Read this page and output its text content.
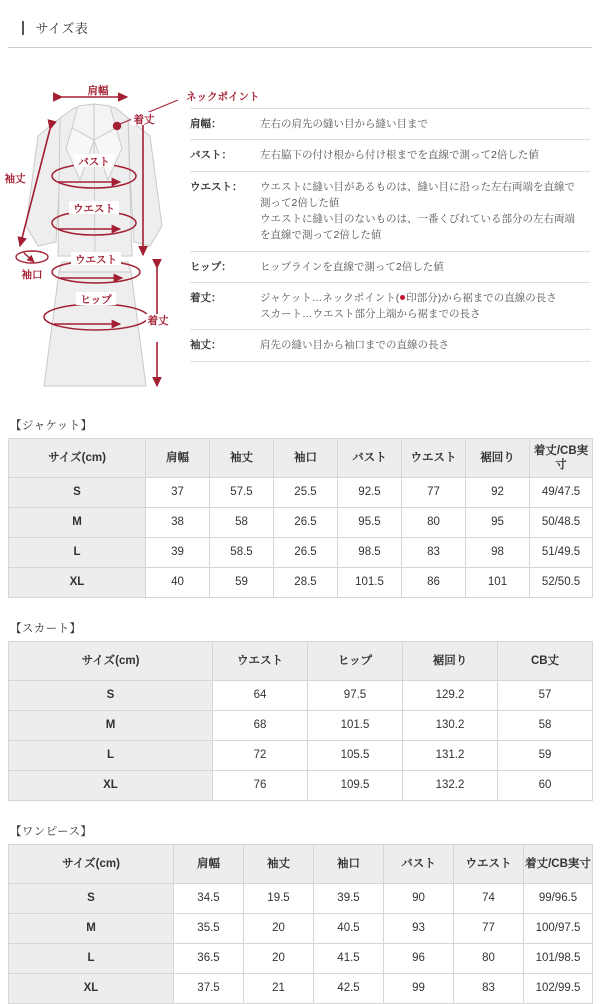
サイズ表
肩幅
着丈
袖丈
バスト
ウエスト
袖口
ウエスト
ヒップ
着丈
ネックポイント
肩幅：	左右の肩先の縫い目から縫い目まで

バスト：	左右脇下の付け根から付け根までを直線で測って2倍した値

ウエスト：	ウエストに縫い目があるものは、縫い目に沿った左右両端を直線で
測って2倍した値
ウエストに縫い目のないものは、一番くびれている部分の左右両端
を直線で測って2倍した値

ヒップ：	ヒップラインを直線で測って2倍した値

着丈：	ジャケット…ネックポイント( 印部分)から裾までの直線の長さ
スカート…ウエスト部分上端から裾までの長さ

袖丈：	肩先の縫い目から袖口までの直線の長さ
【ジャケット】
サイズ(cm)	肩幅	袖丈	袖口	バスト	ウエスト	裾回り	着丈/CB実寸
S	37	57.5	25.5	92.5	77	92	49/47.5
M	38	58	26.5	95.5	80	95	50/48.5
L	39	58.5	26.5	98.5	83	98	51/49.5
XL	40	59	28.5	101.5	86	101	52/50.5
【スカート】
サイズ(cm)	ウエスト	ヒップ	裾回り	CB丈
S	64	97.5	129.2	57
M	68	101.5	130.2	58
L	72	105.5	131.2	59
XL	76	109.5	132.2	60
【ワンピース】
サイズ(cm)	肩幅	袖丈	袖口	バスト	ウエスト	着丈/CB実寸
S	34.5	19.5	39.5	90	74	99/96.5
M	35.5	20	40.5	93	77	100/97.5
L	36.5	20	41.5	96	80	101/98.5
XL	37.5	21	42.5	99	83	102/99.5
